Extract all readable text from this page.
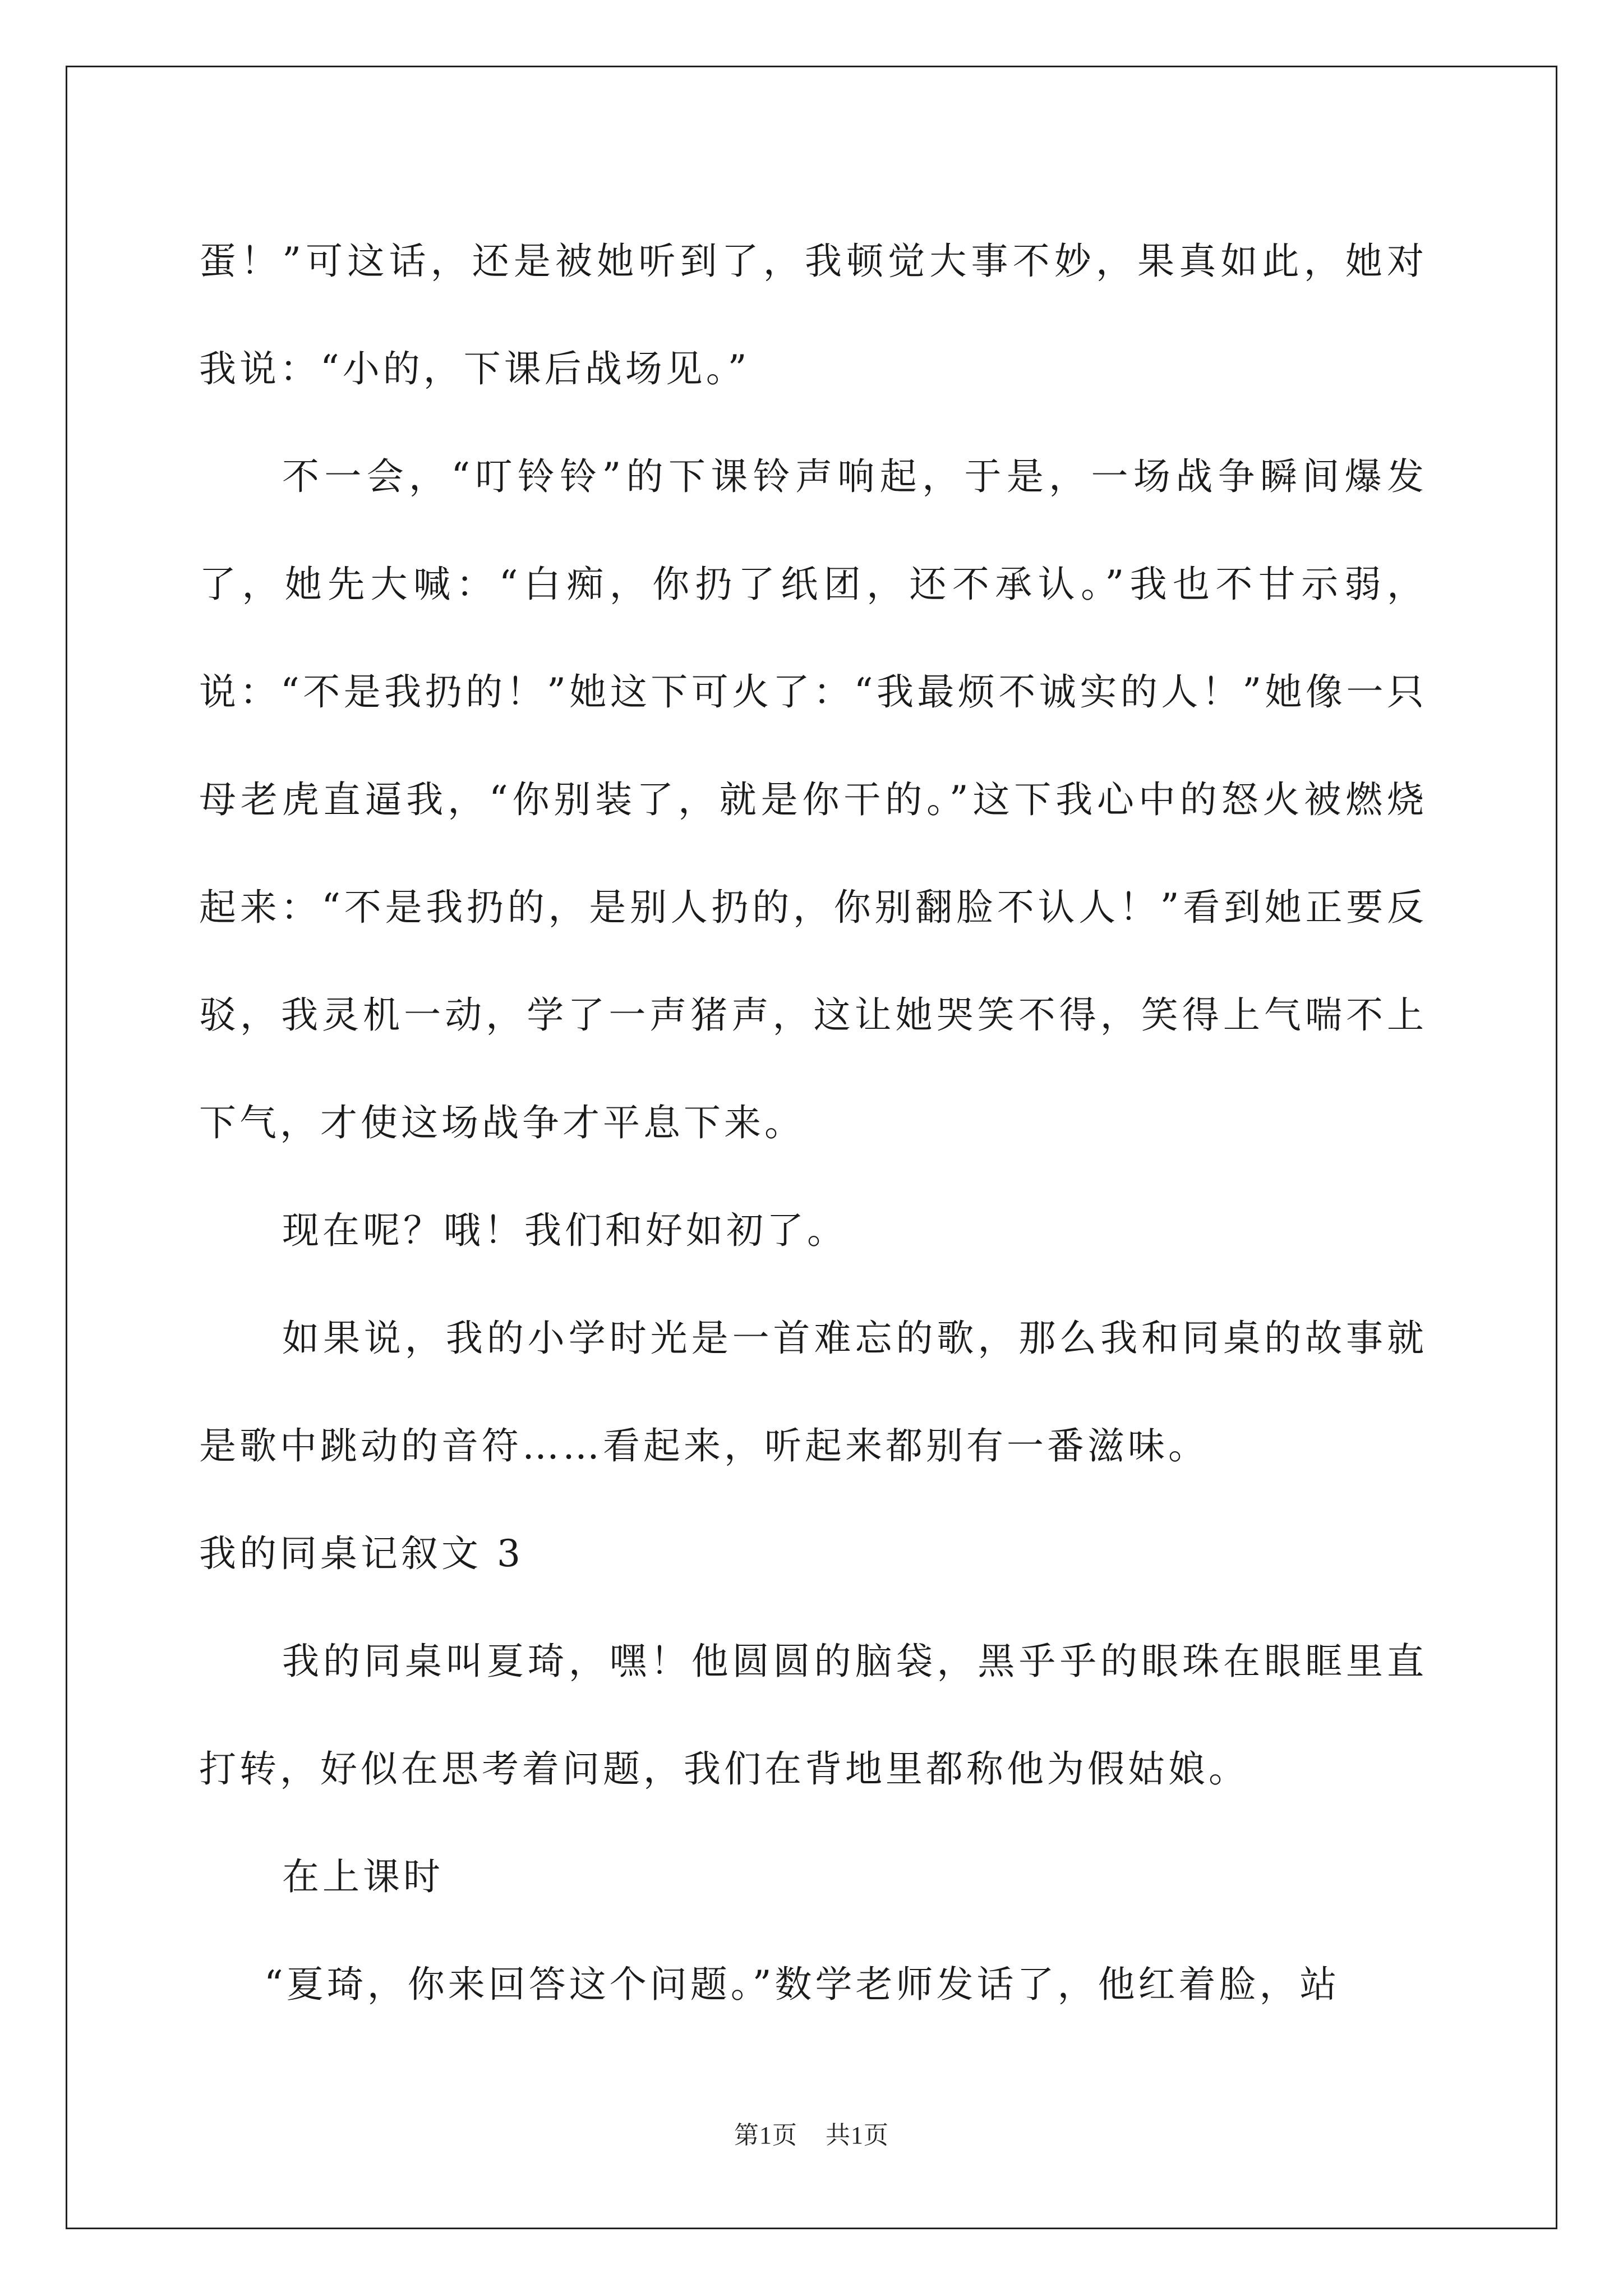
蛋！”可这话，还是被她听到了，我顿觉大事不妙，果真如此，她对我说：“小的，下课后战场见。”

不一会，“叮铃铃”的下课铃声响起，于是，一场战争瞬间爆发了，她先大喊：“白痴，你扔了纸团，还不承认。”我也不甘示弱，说：“不是我扔的！”她这下可火了：“我最烦不诚实的人！”她像一只母老虎直逼我，“你别装了，就是你干的。”这下我心中的怒火被燃烧起来：“不是我扔的，是别人扔的，你别翻脸不认人！”看到她正要反驳，我灵机一动，学了一声猪声，这让她哭笑不得，笑得上气喘不上下气，才使这场战争才平息下来。

现在呢？哦！我们和好如初了。

如果说，我的小学时光是一首难忘的歌，那么我和同桌的故事就是歌中跳动的音符……看起来，听起来都别有一番滋味。

我的同桌记叙文 3

我的同桌叫夏琦，嘿！他圆圆的脑袋，黑乎乎的眼珠在眼眶里直打转，好似在思考着问题，我们在背地里都称他为假姑娘。

在上课时

“夏琦，你来回答这个问题。”数学老师发话了，他红着脸，站

第1页 共1页
